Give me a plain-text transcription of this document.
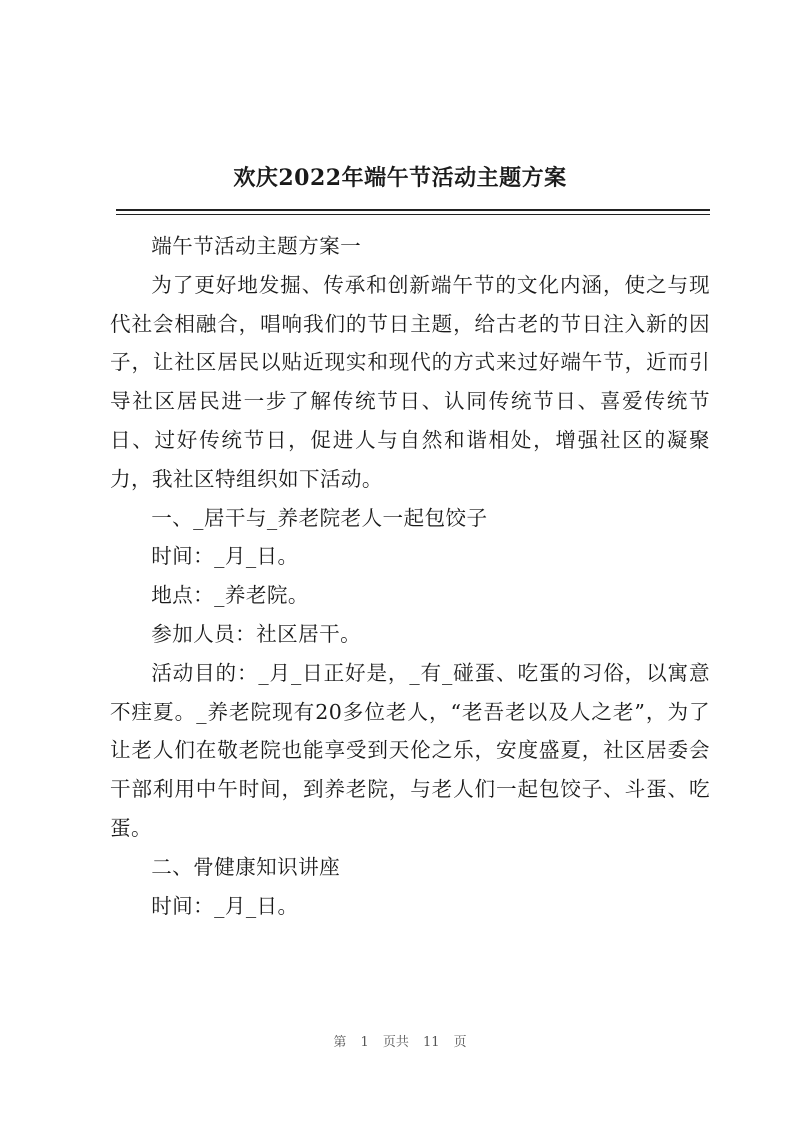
欢庆2022年端午节活动主题方案

端午节活动主题方案一

为了更好地发掘、传承和创新端午节的文化内涵，使之与现代社会相融合，唱响我们的节日主题，给古老的节日注入新的因子，让社区居民以贴近现实和现代的方式来过好端午节，近而引导社区居民进一步了解传统节日、认同传统节日、喜爱传统节日、过好传统节日，促进人与自然和谐相处，增强社区的凝聚力，我社区特组织如下活动。

一、_居干与_养老院老人一起包饺子

时间：_月_日。

地点：_养老院。

参加人员：社区居干。

活动目的：_月_日正好是，_有_碰蛋、吃蛋的习俗，以寓意不疰夏。_养老院现有20多位老人，“老吾老以及人之老”，为了让老人们在敬老院也能享受到天伦之乐，安度盛夏，社区居委会干部利用中午时间，到养老院，与老人们一起包饺子、斗蛋、吃蛋。

二、骨健康知识讲座

时间：_月_日。

第 1 页共 11 页
